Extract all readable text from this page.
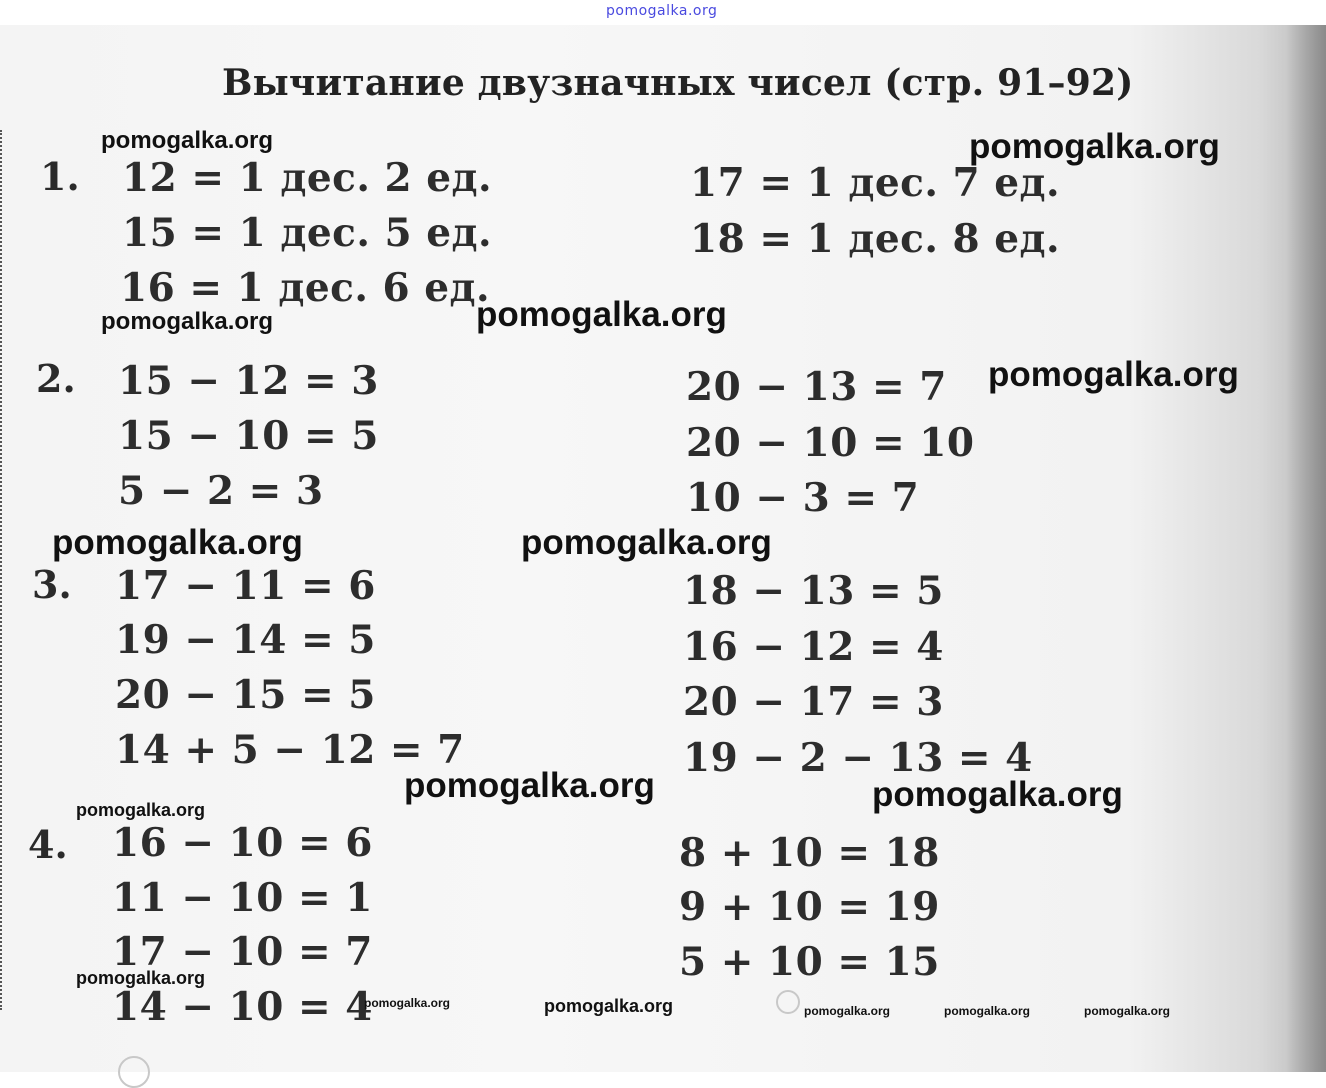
pomogalka.org
Вычитание двузначных чисел (стр. 91–92)
1. 12 = 1 дес. 2 ед.
15 = 1 дес. 5 ед.
16 = 1 дес. 6 ед.
17 = 1 дес. 7 ед.
18 = 1 дес. 8 ед.
2. 15 − 12 = 3
15 − 10 = 5
5 − 2 = 3
20 − 13 = 7
20 − 10 = 10
10 − 3 = 7
3. 17 − 11 = 6
19 − 14 = 5
20 − 15 = 5
14 + 5 − 12 = 7
18 − 13 = 5
16 − 12 = 4
20 − 17 = 3
19 − 2 − 13 = 4
4. 16 − 10 = 6
11 − 10 = 1
17 − 10 = 7
14 − 10 = 4
8 + 10 = 18
9 + 10 = 19
5 + 10 = 15
pomogalka.org	pomogalka.org
pomogalka.org	pomogalka.org
pomogalka.org
pomogalka.org	pomogalka.org
pomogalka.org	pomogalka.org
pomogalka.org
pomogalka.org
pomogalka.org	pomogalka.org	pomogalka.org	pomogalka.org	pomogalka.org
